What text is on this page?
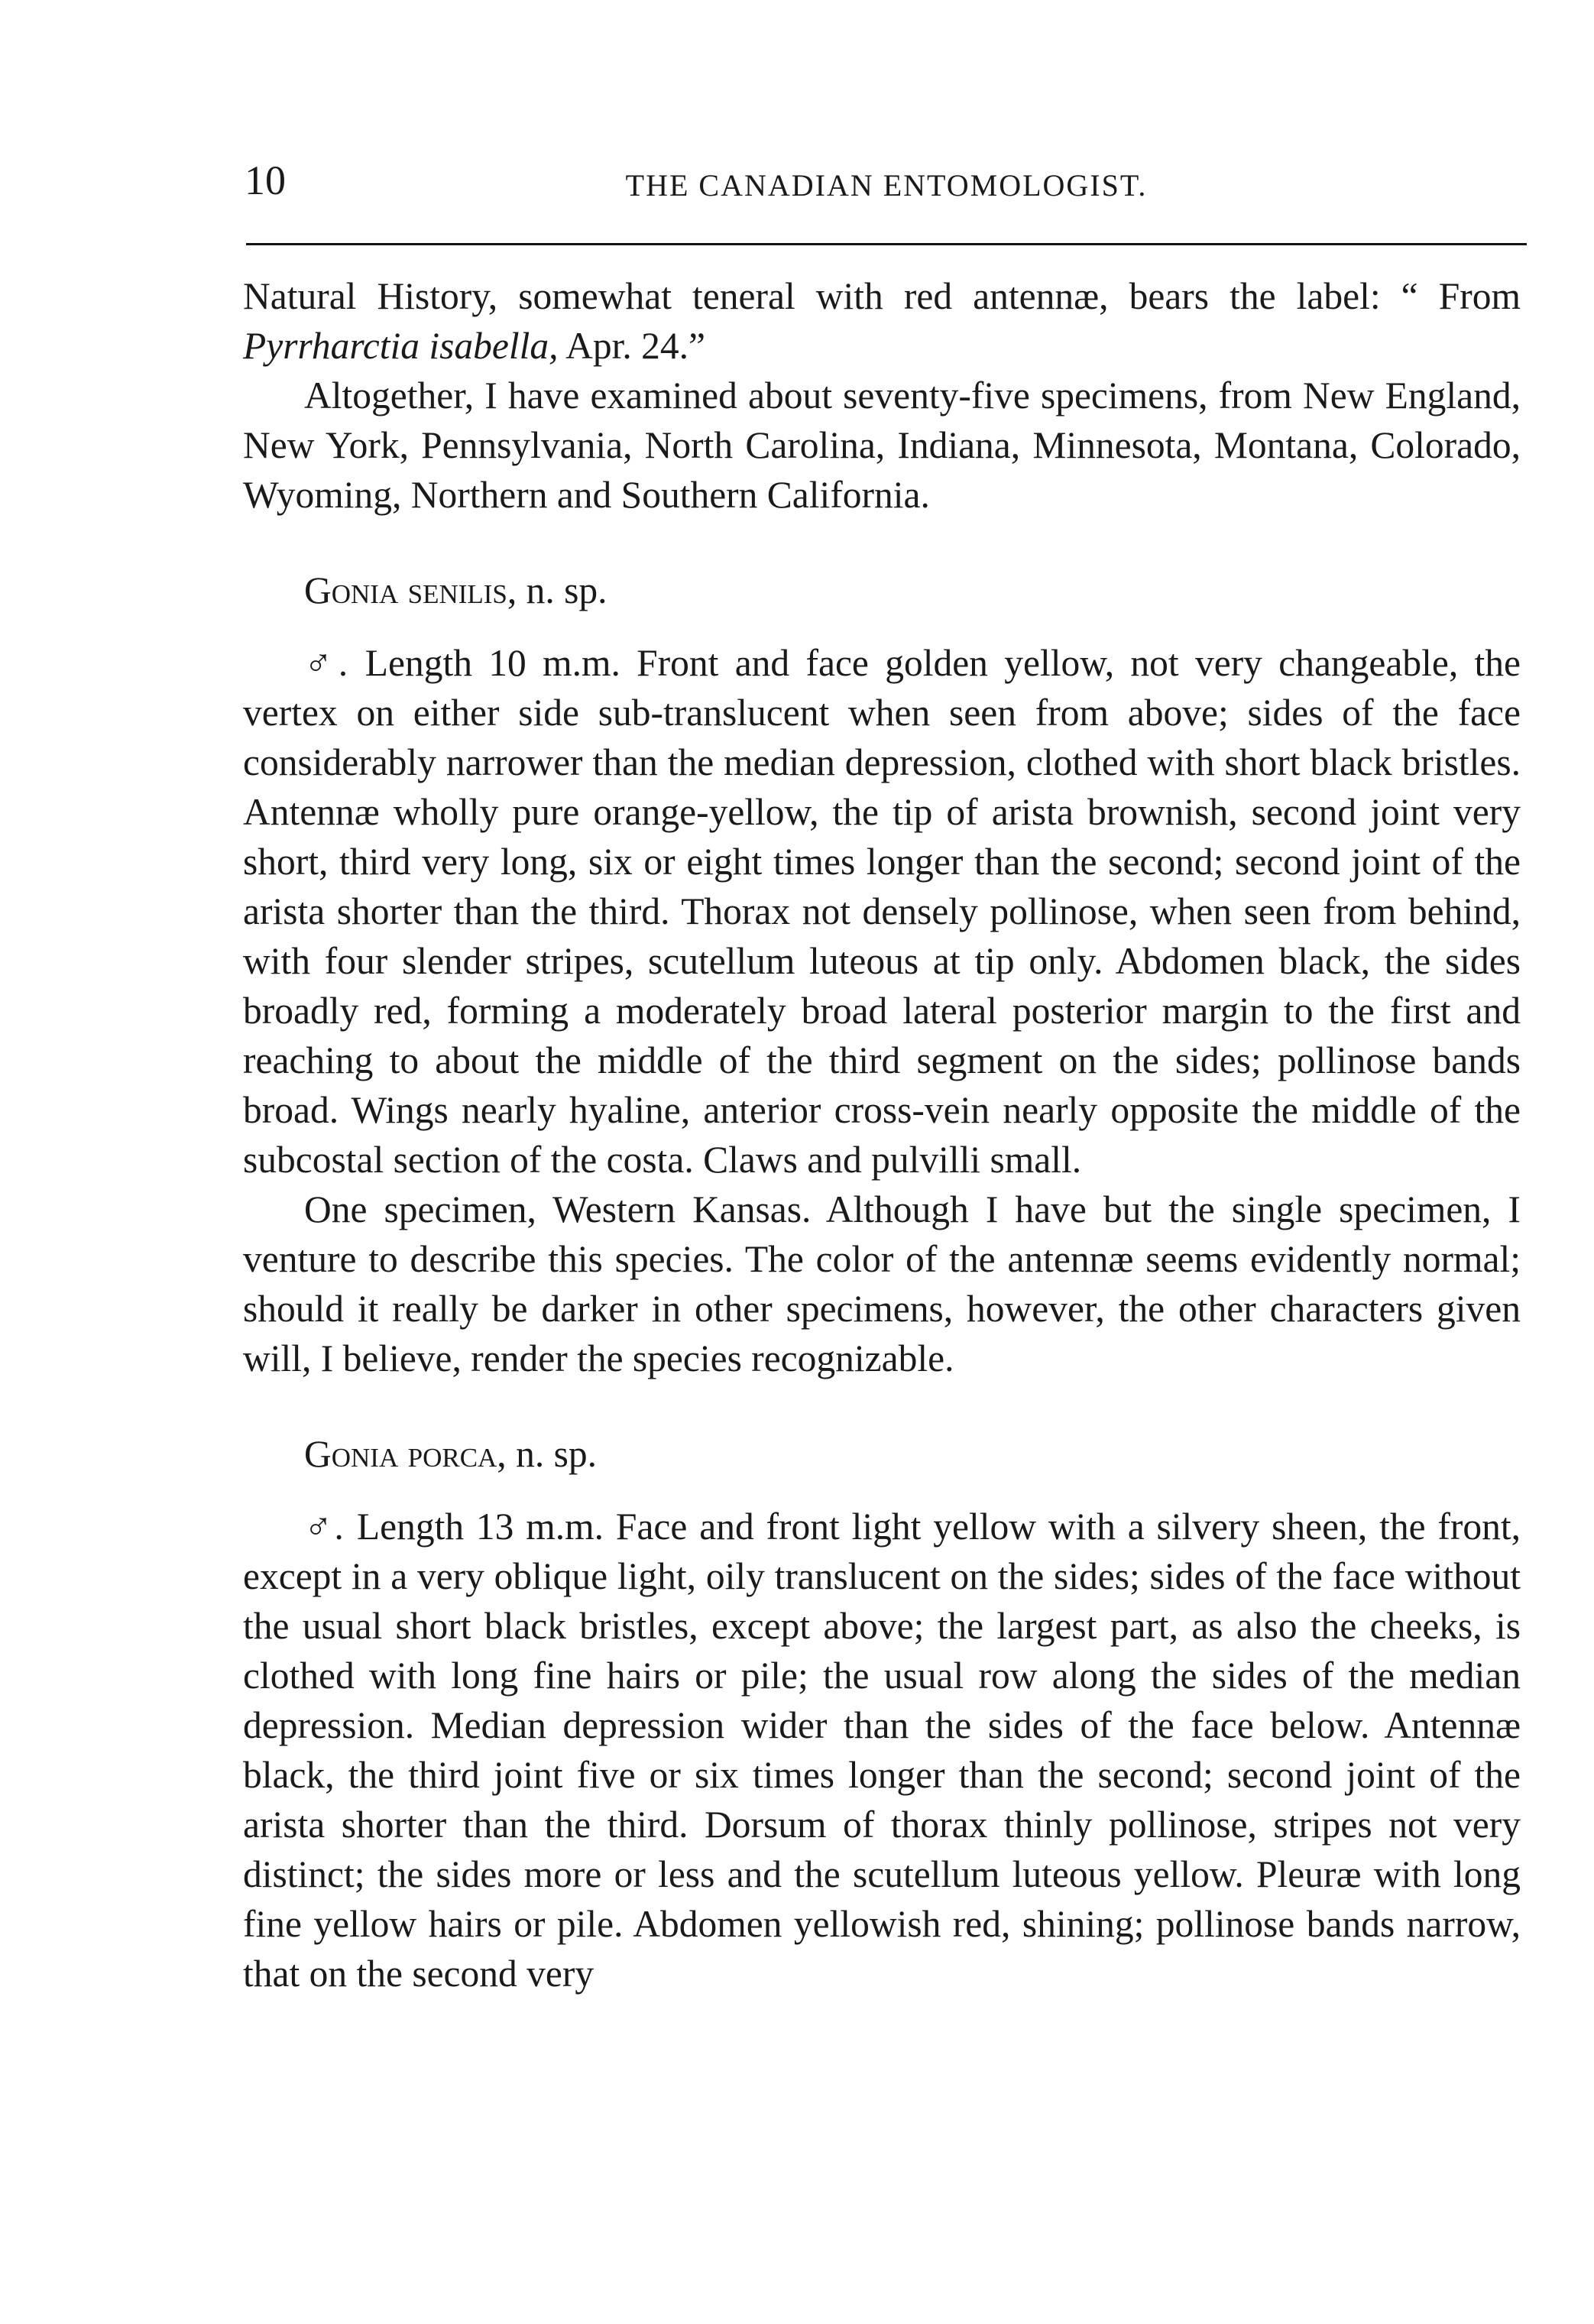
10	THE CANADIAN ENTOMOLOGIST.

Natural History, somewhat teneral with red antennæ, bears the label: “ From Pyrrharctia isabella, Apr. 24.”

Altogether, I have examined about seventy-five specimens, from New England, New York, Pennsylvania, North Carolina, Indiana, Minnesota, Montana, Colorado, Wyoming, Northern and Southern California.

Gonia senilis, n. sp.

♂. Length 10 m.m. Front and face golden yellow, not very changeable, the vertex on either side sub-translucent when seen from above; sides of the face considerably narrower than the median depression, clothed with short black bristles. Antennæ wholly pure orange-yellow, the tip of arista brownish, second joint very short, third very long, six or eight times longer than the second; second joint of the arista shorter than the third. Thorax not densely pollinose, when seen from behind, with four slender stripes, scutellum luteous at tip only. Abdomen black, the sides broadly red, forming a moderately broad lateral posterior margin to the first and reaching to about the middle of the third segment on the sides; pollinose bands broad. Wings nearly hyaline, anterior cross-vein nearly opposite the middle of the subcostal section of the costa. Claws and pulvilli small.

One specimen, Western Kansas. Although I have but the single specimen, I venture to describe this species. The color of the antennæ seems evidently normal; should it really be darker in other specimens, however, the other characters given will, I believe, render the species recognizable.

Gonia porca, n. sp.

♂. Length 13 m.m. Face and front light yellow with a silvery sheen, the front, except in a very oblique light, oily translucent on the sides; sides of the face without the usual short black bristles, except above; the largest part, as also the cheeks, is clothed with long fine hairs or pile; the usual row along the sides of the median depression. Median depression wider than the sides of the face below. Antennæ black, the third joint five or six times longer than the second; second joint of the arista shorter than the third. Dorsum of thorax thinly pollinose, stripes not very distinct; the sides more or less and the scutellum luteous yellow. Pleuræ with long fine yellow hairs or pile. Abdomen yellowish red, shining; pollinose bands narrow, that on the second very
